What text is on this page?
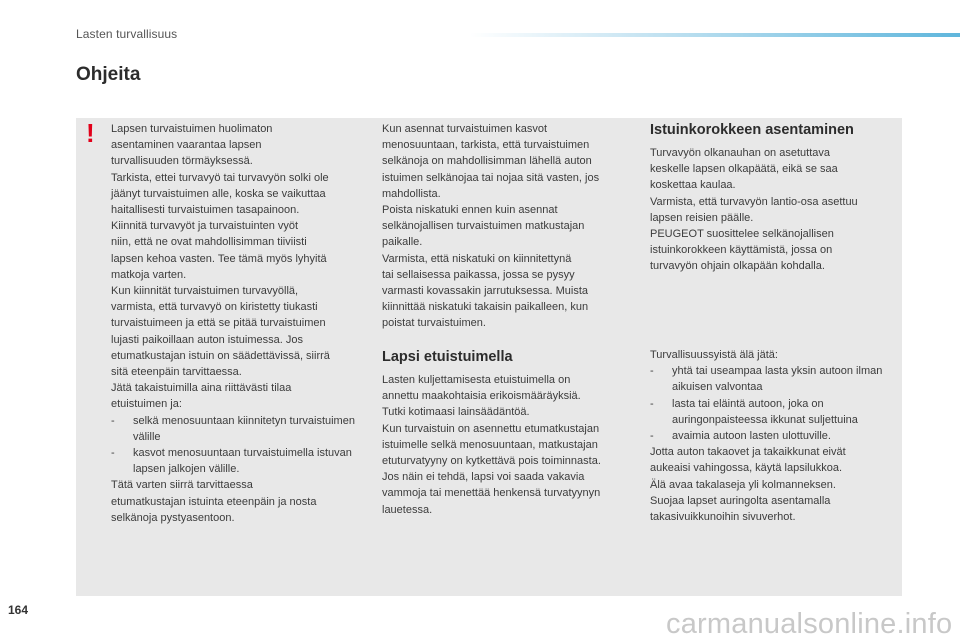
Lasten turvallisuus
Ohjeita
! Lapsen turvaistuimen huolimaton

asentaminen vaarantaa lapsen

turvallisuuden törmäyksessä.

Tarkista, ettei turvavyö tai turvavyön solki ole

jäänyt turvaistuimen alle, koska se vaikuttaa

haitallisesti turvaistuimen tasapainoon.

Kiinnitä turvavyöt ja turvaistuinten vyöt

niin, että ne ovat mahdollisimman tiiviisti

lapsen kehoa vasten. Tee tämä myös lyhyitä

matkoja varten.

Kun kiinnität turvaistuimen turvavyöllä,

varmista, että turvavyö on kiristetty tiukasti

turvaistuimeen ja että se pitää turvaistuimen

lujasti paikoillaan auton istuimessa. Jos

etumatkustajan istuin on säädettävissä, siirrä

sitä eteenpäin tarvittaessa.

Jätä takaistuimilla aina riittävästi tilaa

etuistuimen ja:

-	selkä menosuuntaan kiinnitetyn turvaistuimen välille
-	kasvot menosuuntaan turvaistuimella istuvan lapsen jalkojen välille.

Tätä varten siirrä tarvittaessa

etumatkustajan istuinta eteenpäin ja nosta

selkänoja pystyasentoon.

Kun asennat turvaistuimen kasvot

menosuuntaan, tarkista, että turvaistuimen

selkänoja on mahdollisimman lähellä auton

istuimen selkänojaa tai nojaa sitä vasten, jos

mahdollista.

Poista niskatuki ennen kuin asennat

selkänojallisen turvaistuimen matkustajan

paikalle.

Varmista, että niskatuki on kiinnitettynä

tai sellaisessa paikassa, jossa se pysyy

varmasti kovassakin jarrutuksessa. Muista

kiinnittää niskatuki takaisin paikalleen, kun

poistat turvaistuimen.

Istuinkorokkeen asentaminen

Turvavyön olkanauhan on asetuttava

keskelle lapsen olkapäätä, eikä se saa

koskettaa kaulaa.

Varmista, että turvavyön lantio-osa asettuu

lapsen reisien päälle.

PEUGEOT suosittelee selkänojallisen

istuinkorokkeen käyttämistä, jossa on

turvavyön ohjain olkapään kohdalla.

Lapsi etuistuimella

Lasten kuljettamisesta etuistuimella on

annettu maakohtaisia erikoismääräyksiä.

Tutki kotimaasi lainsäädäntöä.

Kun turvaistuin on asennettu etumatkustajan

istuimelle selkä menosuuntaan, matkustajan

etuturvatyyny on kytkettävä pois toiminnasta.

Jos näin ei tehdä, lapsi voi saada vakavia

vammoja tai menettää henkensä turvatyynyn

lauetessa.

Turvallisuussyistä älä jätä:

-	yhtä tai useampaa lasta yksin autoon ilman aikuisen valvontaa
-	lasta tai eläintä autoon, joka on auringonpaisteessa ikkunat suljettuina
-	avaimia autoon lasten ulottuville.

Jotta auton takaovet ja takaikkunat eivät

aukeaisi vahingossa, käytä lapsilukkoa.

Älä avaa takalaseja yli kolmanneksen.

Suojaa lapset auringolta asentamalla

takasivuikkunoihin sivuverhot.

164	carmanualsonline.info
